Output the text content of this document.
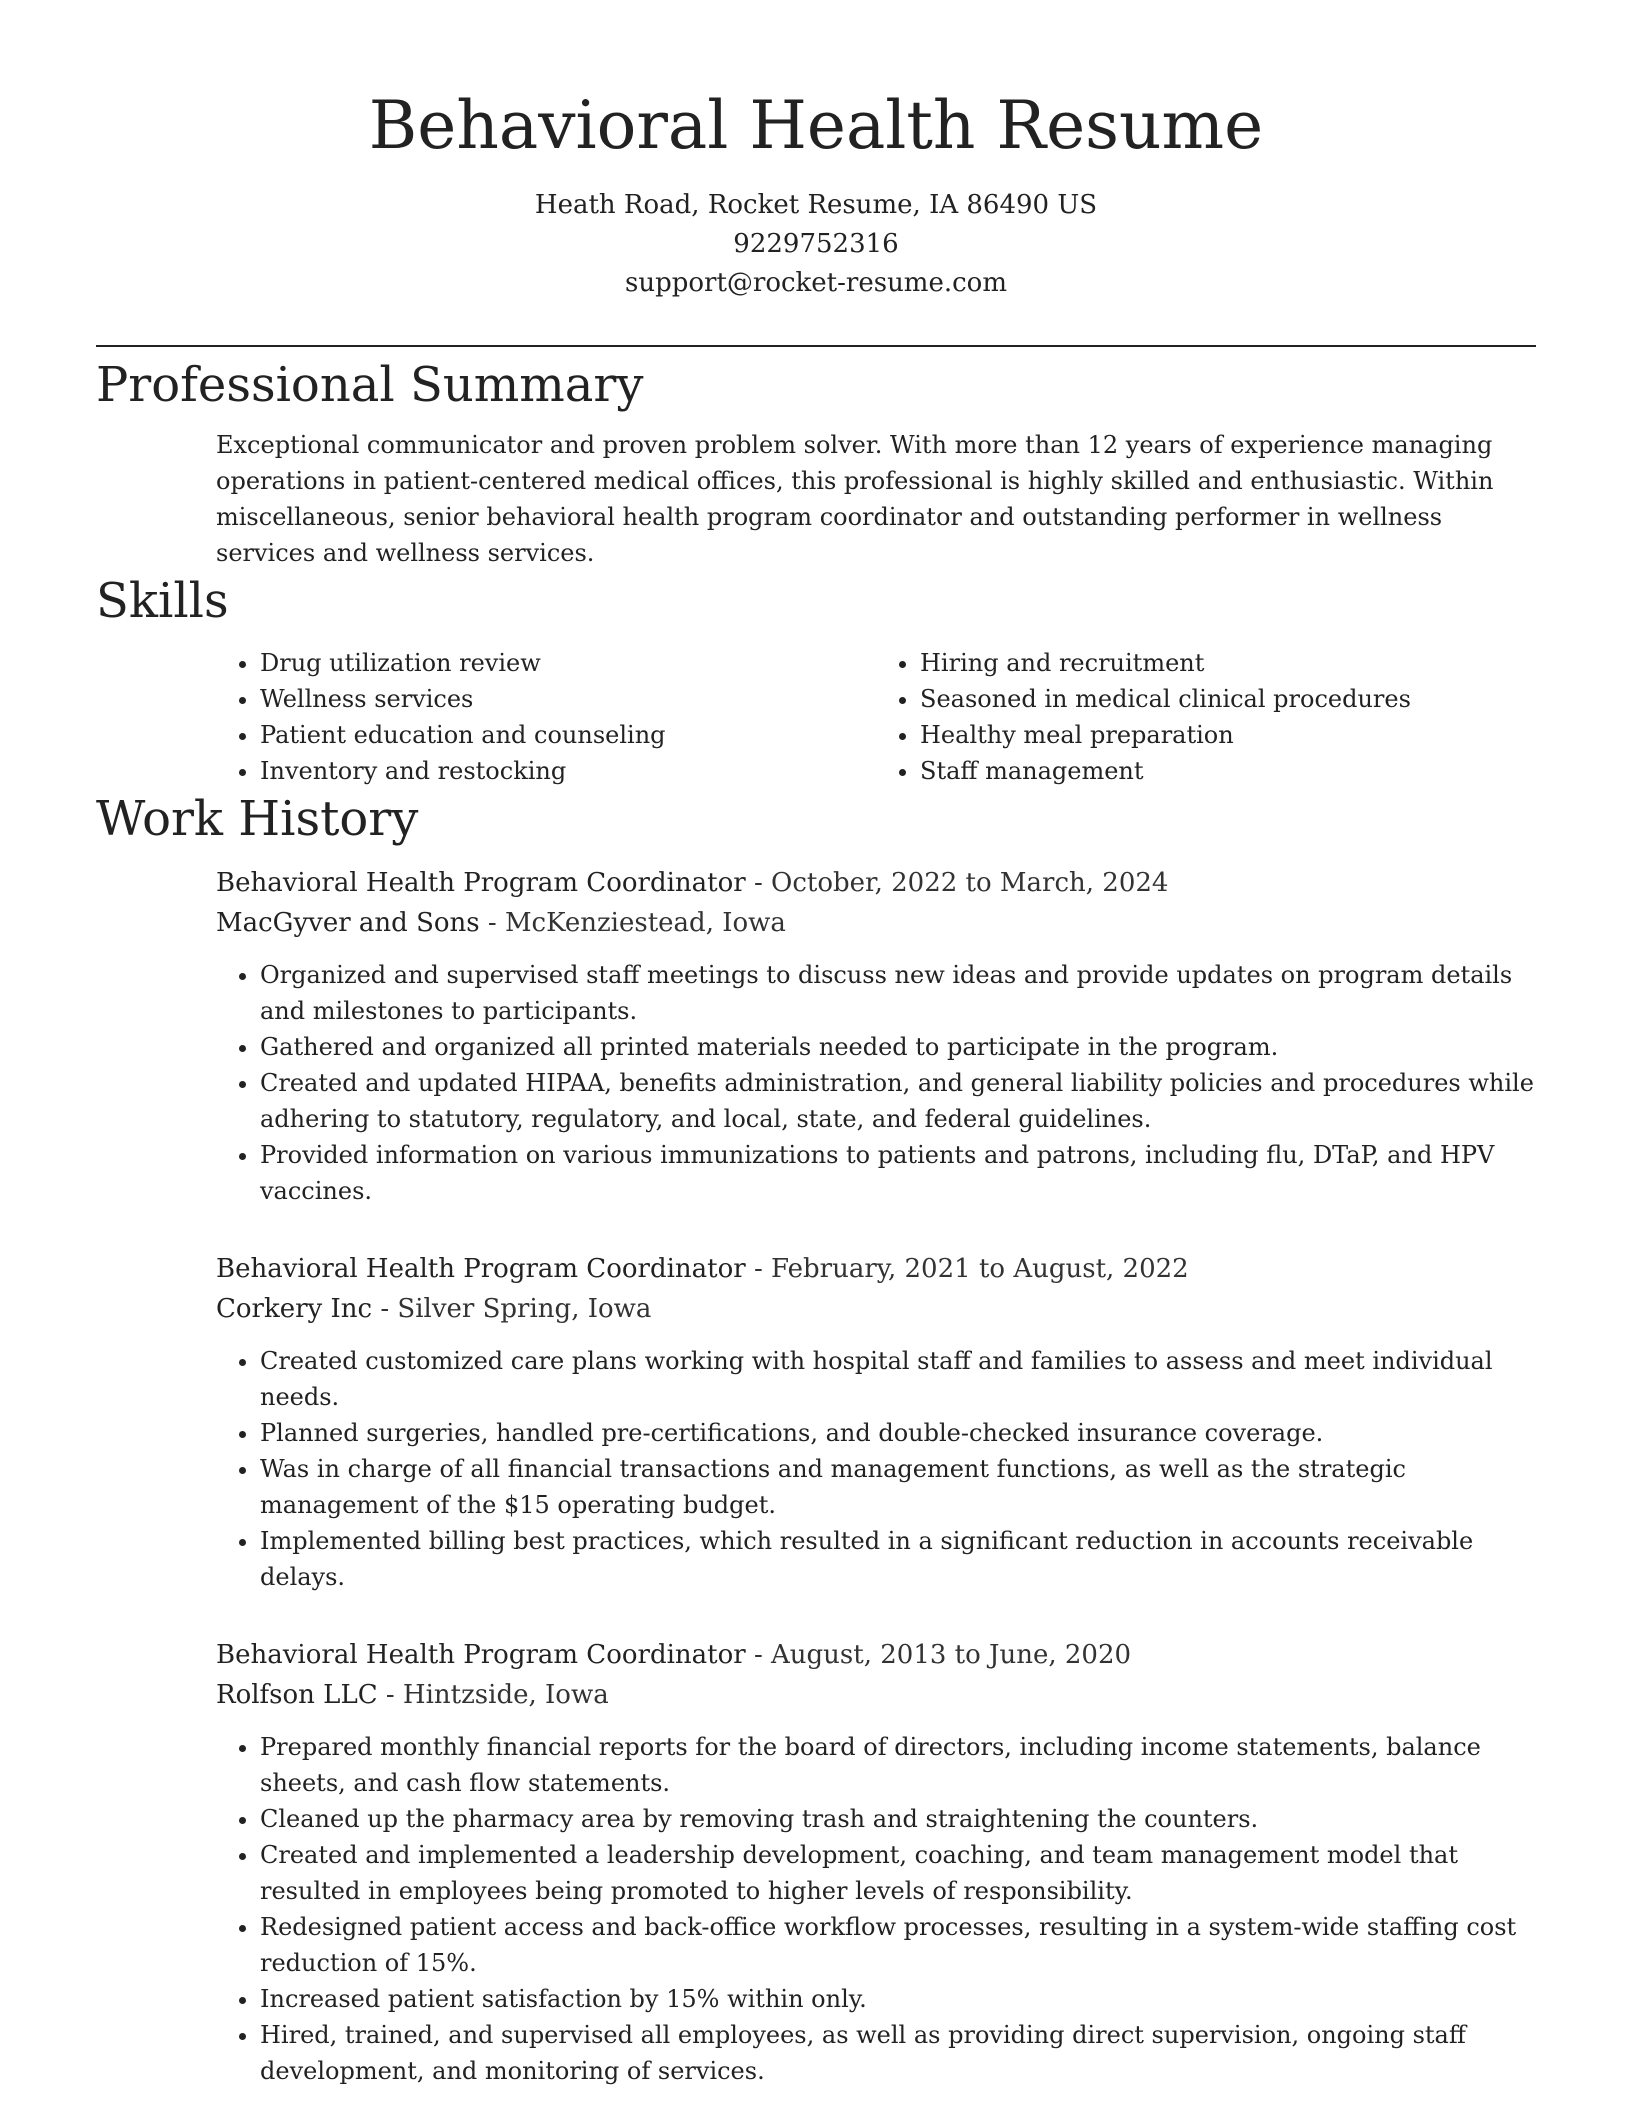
Behavioral Health Resume
Heath Road, Rocket Resume, IA 86490 US
9229752316
support@rocket-resume.com
Professional Summary

Exceptional communicator and proven problem solver. With more than 12 years of experience managing operations in patient-centered medical offices, this professional is highly skilled and enthusiastic. Within miscellaneous, senior behavioral health program coordinator and outstanding performer in wellness services and wellness services.

Skills
• Drug utilization review
• Wellness services
• Patient education and counseling
• Inventory and restocking
• Hiring and recruitment
• Seasoned in medical clinical procedures
• Healthy meal preparation
• Staff management
Work History
Behavioral Health Program Coordinator - October, 2022 to March, 2024
MacGyver and Sons - McKenziestead, Iowa
• Organized and supervised staff meetings to discuss new ideas and provide updates on program details and milestones to participants.
• Gathered and organized all printed materials needed to participate in the program.
• Created and updated HIPAA, benefits administration, and general liability policies and procedures while adhering to statutory, regulatory, and local, state, and federal guidelines.
• Provided information on various immunizations to patients and patrons, including flu, DTaP, and HPV vaccines.
Behavioral Health Program Coordinator - February, 2021 to August, 2022
Corkery Inc - Silver Spring, Iowa
• Created customized care plans working with hospital staff and families to assess and meet individual needs.
• Planned surgeries, handled pre-certifications, and double-checked insurance coverage.
• Was in charge of all financial transactions and management functions, as well as the strategic management of the $15 operating budget.
• Implemented billing best practices, which resulted in a significant reduction in accounts receivable delays.
Behavioral Health Program Coordinator - August, 2013 to June, 2020
Rolfson LLC - Hintzside, Iowa
• Prepared monthly financial reports for the board of directors, including income statements, balance sheets, and cash flow statements.
• Cleaned up the pharmacy area by removing trash and straightening the counters.
• Created and implemented a leadership development, coaching, and team management model that resulted in employees being promoted to higher levels of responsibility.
• Redesigned patient access and back-office workflow processes, resulting in a system-wide staffing cost reduction of 15%.
• Increased patient satisfaction by 15% within only.
• Hired, trained, and supervised all employees, as well as providing direct supervision, ongoing staff development, and monitoring of services.
